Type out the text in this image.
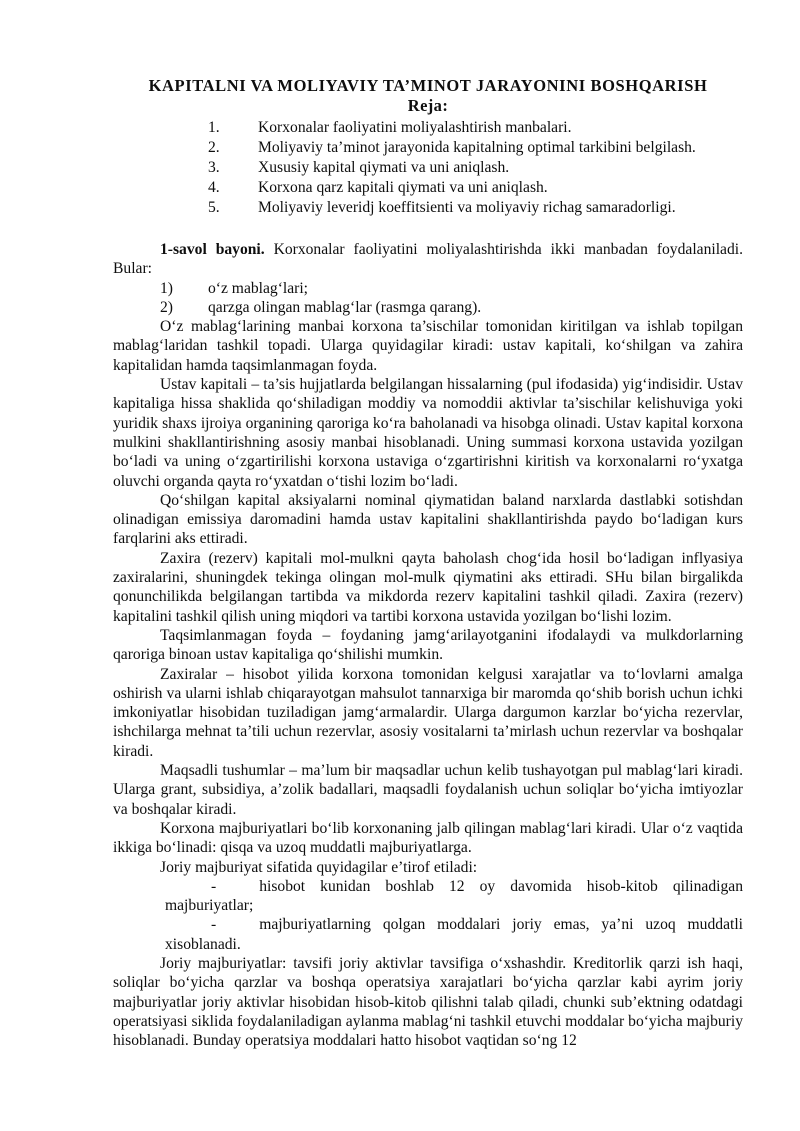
KAPITALNI VA MOLIYAVIY TA’MINOT JARAYONINI BOSHQARISH
Reja:
1.	Korxonalar faoliyatini moliyalashtirish manbalari.
2.	Moliyaviy ta’minot jarayonida kapitalning optimal tarkibini belgilash.
3.	Xususiy kapital qiymati va uni aniqlash.
4.	Korxona qarz kapitali qiymati va uni aniqlash.
5.	Moliyaviy leveridj koeffitsienti va moliyaviy richag samaradorligi.

1-savol bayoni. Korxonalar faoliyatini moliyalashtirishda ikki manbadan foydalaniladi. Bular:

1)	o‘z mablag‘lari;
2)	qarzga olingan mablag‘lar (rasmga qarang).

O‘z mablag‘larining manbai korxona ta’sischilar tomonidan kiritilgan va ishlab topilgan mablag‘laridan tashkil topadi. Ularga quyidagilar kiradi: ustav kapitali, ko‘shilgan va zahira kapitalidan hamda taqsimlanmagan foyda.

Ustav kapitali – ta’sis hujjatlarda belgilangan hissalarning (pul ifodasida) yig‘indisidir. Ustav kapitaliga hissa shaklida qo‘shiladigan moddiy va nomoddii aktivlar ta’sischilar kelishuviga yoki yuridik shaxs ijroiya organining qaroriga ko‘ra baholanadi va hisobga olinadi. Ustav kapital korxona mulkini shakllantirishning asosiy manbai hisoblanadi. Uning summasi korxona ustavida yozilgan bo‘ladi va uning o‘zgartirilishi korxona ustaviga o‘zgartirishni kiritish va korxonalarni ro‘yxatga oluvchi organda qayta ro‘yxatdan o‘tishi lozim bo‘ladi.

Qo‘shilgan kapital aksiyalarni nominal qiymatidan baland narxlarda dastlabki sotishdan olinadigan emissiya daromadini hamda ustav kapitalini shakllantirishda paydo bo‘ladigan kurs farqlarini aks ettiradi.

Zaxira (rezerv) kapitali mol-mulkni qayta baholash chog‘ida hosil bo‘ladigan inflyasiya zaxiralarini, shuningdek tekinga olingan mol-mulk qiymatini aks ettiradi. SHu bilan birgalikda qonunchilikda belgilangan tartibda va mikdorda rezerv kapitalini tashkil qiladi. Zaxira (rezerv) kapitalini tashkil qilish uning miqdori va tartibi korxona ustavida yozilgan bo‘lishi lozim.

Taqsimlanmagan foyda – foydaning jamg‘arilayotganini ifodalaydi va mulkdorlarning qaroriga binoan ustav kapitaliga qo‘shilishi mumkin.

Zaxiralar – hisobot yilida korxona tomonidan kelgusi xarajatlar va to‘lovlarni amalga oshirish va ularni ishlab chiqarayotgan mahsulot tannarxiga bir maromda qo‘shib borish uchun ichki imkoniyatlar hisobidan tuziladigan jamg‘armalardir. Ularga dargumon karzlar bo‘yicha rezervlar, ishchilarga mehnat ta’tili uchun rezervlar, asosiy vositalarni ta’mirlash uchun rezervlar va boshqalar kiradi.

Maqsadli tushumlar – ma’lum bir maqsadlar uchun kelib tushayotgan pul mablag‘lari kiradi. Ularga grant, subsidiya, a’zolik badallari, maqsadli foydalanish uchun soliqlar bo‘yicha imtiyozlar va boshqalar kiradi.

Korxona majburiyatlari bo‘lib korxonaning jalb qilingan mablag‘lari kiradi. Ular o‘z vaqtida ikkiga bo‘linadi: qisqa va uzoq muddatli majburiyatlarga.

Joriy majburiyat sifatida quyidagilar e’tirof etiladi:

-	hisobot kunidan boshlab 12 oy davomida hisob-kitob qilinadigan majburiyatlar;

-	majburiyatlarning qolgan moddalari joriy emas, ya’ni uzoq muddatli xisoblanadi.

Joriy majburiyatlar: tavsifi joriy aktivlar tavsifiga o‘xshashdir. Kreditorlik qarzi ish haqi, soliqlar bo‘yicha qarzlar va boshqa operatsiya xarajatlari bo‘yicha qarzlar kabi ayrim joriy majburiyatlar joriy aktivlar hisobidan hisob-kitob qilishni talab qiladi, chunki sub’ektning odatdagi operatsiyasi siklida foydalaniladigan aylanma mablag‘ni tashkil etuvchi moddalar bo‘yicha majburiy hisoblanadi. Bunday operatsiya moddalari hatto hisobot vaqtidan so‘ng 12
